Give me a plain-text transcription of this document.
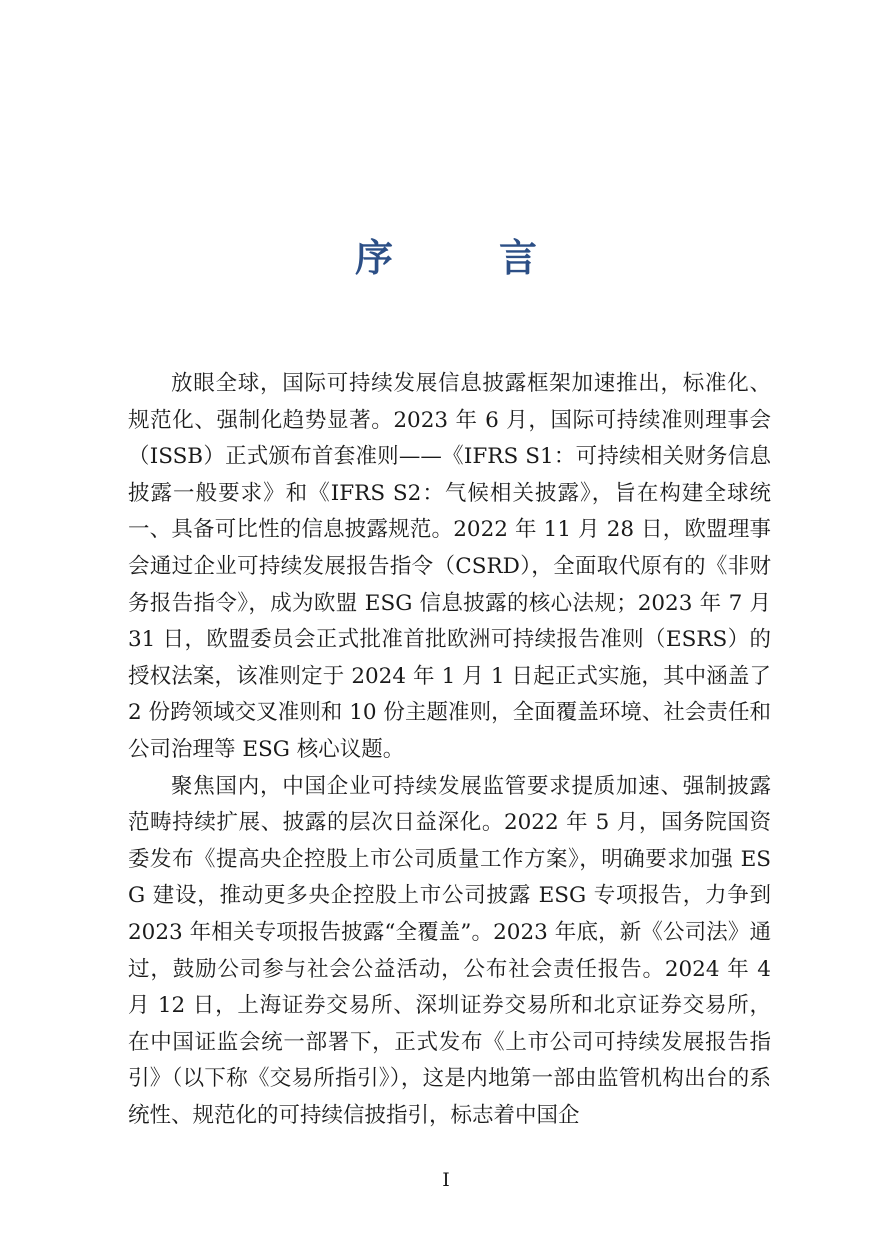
序　言

放眼全球，国际可持续发展信息披露框架加速推出，标准化、规范化、强制化趋势显著。2023 年 6 月，国际可持续准则理事会（ISSB）正式颁布首套准则——《IFRS S1：可持续相关财务信息披露一般要求》和《IFRS S2：气候相关披露》，旨在构建全球统一、具备可比性的信息披露规范。2022 年 11 月 28 日，欧盟理事会通过企业可持续发展报告指令（CSRD），全面取代原有的《非财务报告指令》，成为欧盟 ESG 信息披露的核心法规；2023 年 7 月 31 日，欧盟委员会正式批准首批欧洲可持续报告准则（ESRS）的授权法案，该准则定于 2024 年 1 月 1 日起正式实施，其中涵盖了 2 份跨领域交叉准则和 10 份主题准则，全面覆盖环境、社会责任和公司治理等 ESG 核心议题。

聚焦国内，中国企业可持续发展监管要求提质加速、强制披露范畴持续扩展、披露的层次日益深化。2022 年 5 月，国务院国资委发布《提高央企控股上市公司质量工作方案》，明确要求加强 ESG 建设，推动更多央企控股上市公司披露 ESG 专项报告，力争到 2023 年相关专项报告披露“全覆盖”。2023 年底，新《公司法》通过，鼓励公司参与社会公益活动，公布社会责任报告。2024 年 4 月 12 日，上海证券交易所、深圳证券交易所和北京证券交易所，在中国证监会统一部署下，正式发布《上市公司可持续发展报告指引》（以下称《交易所指引》），这是内地第一部由监管机构出台的系统性、规范化的可持续信披指引，标志着中国企

I
